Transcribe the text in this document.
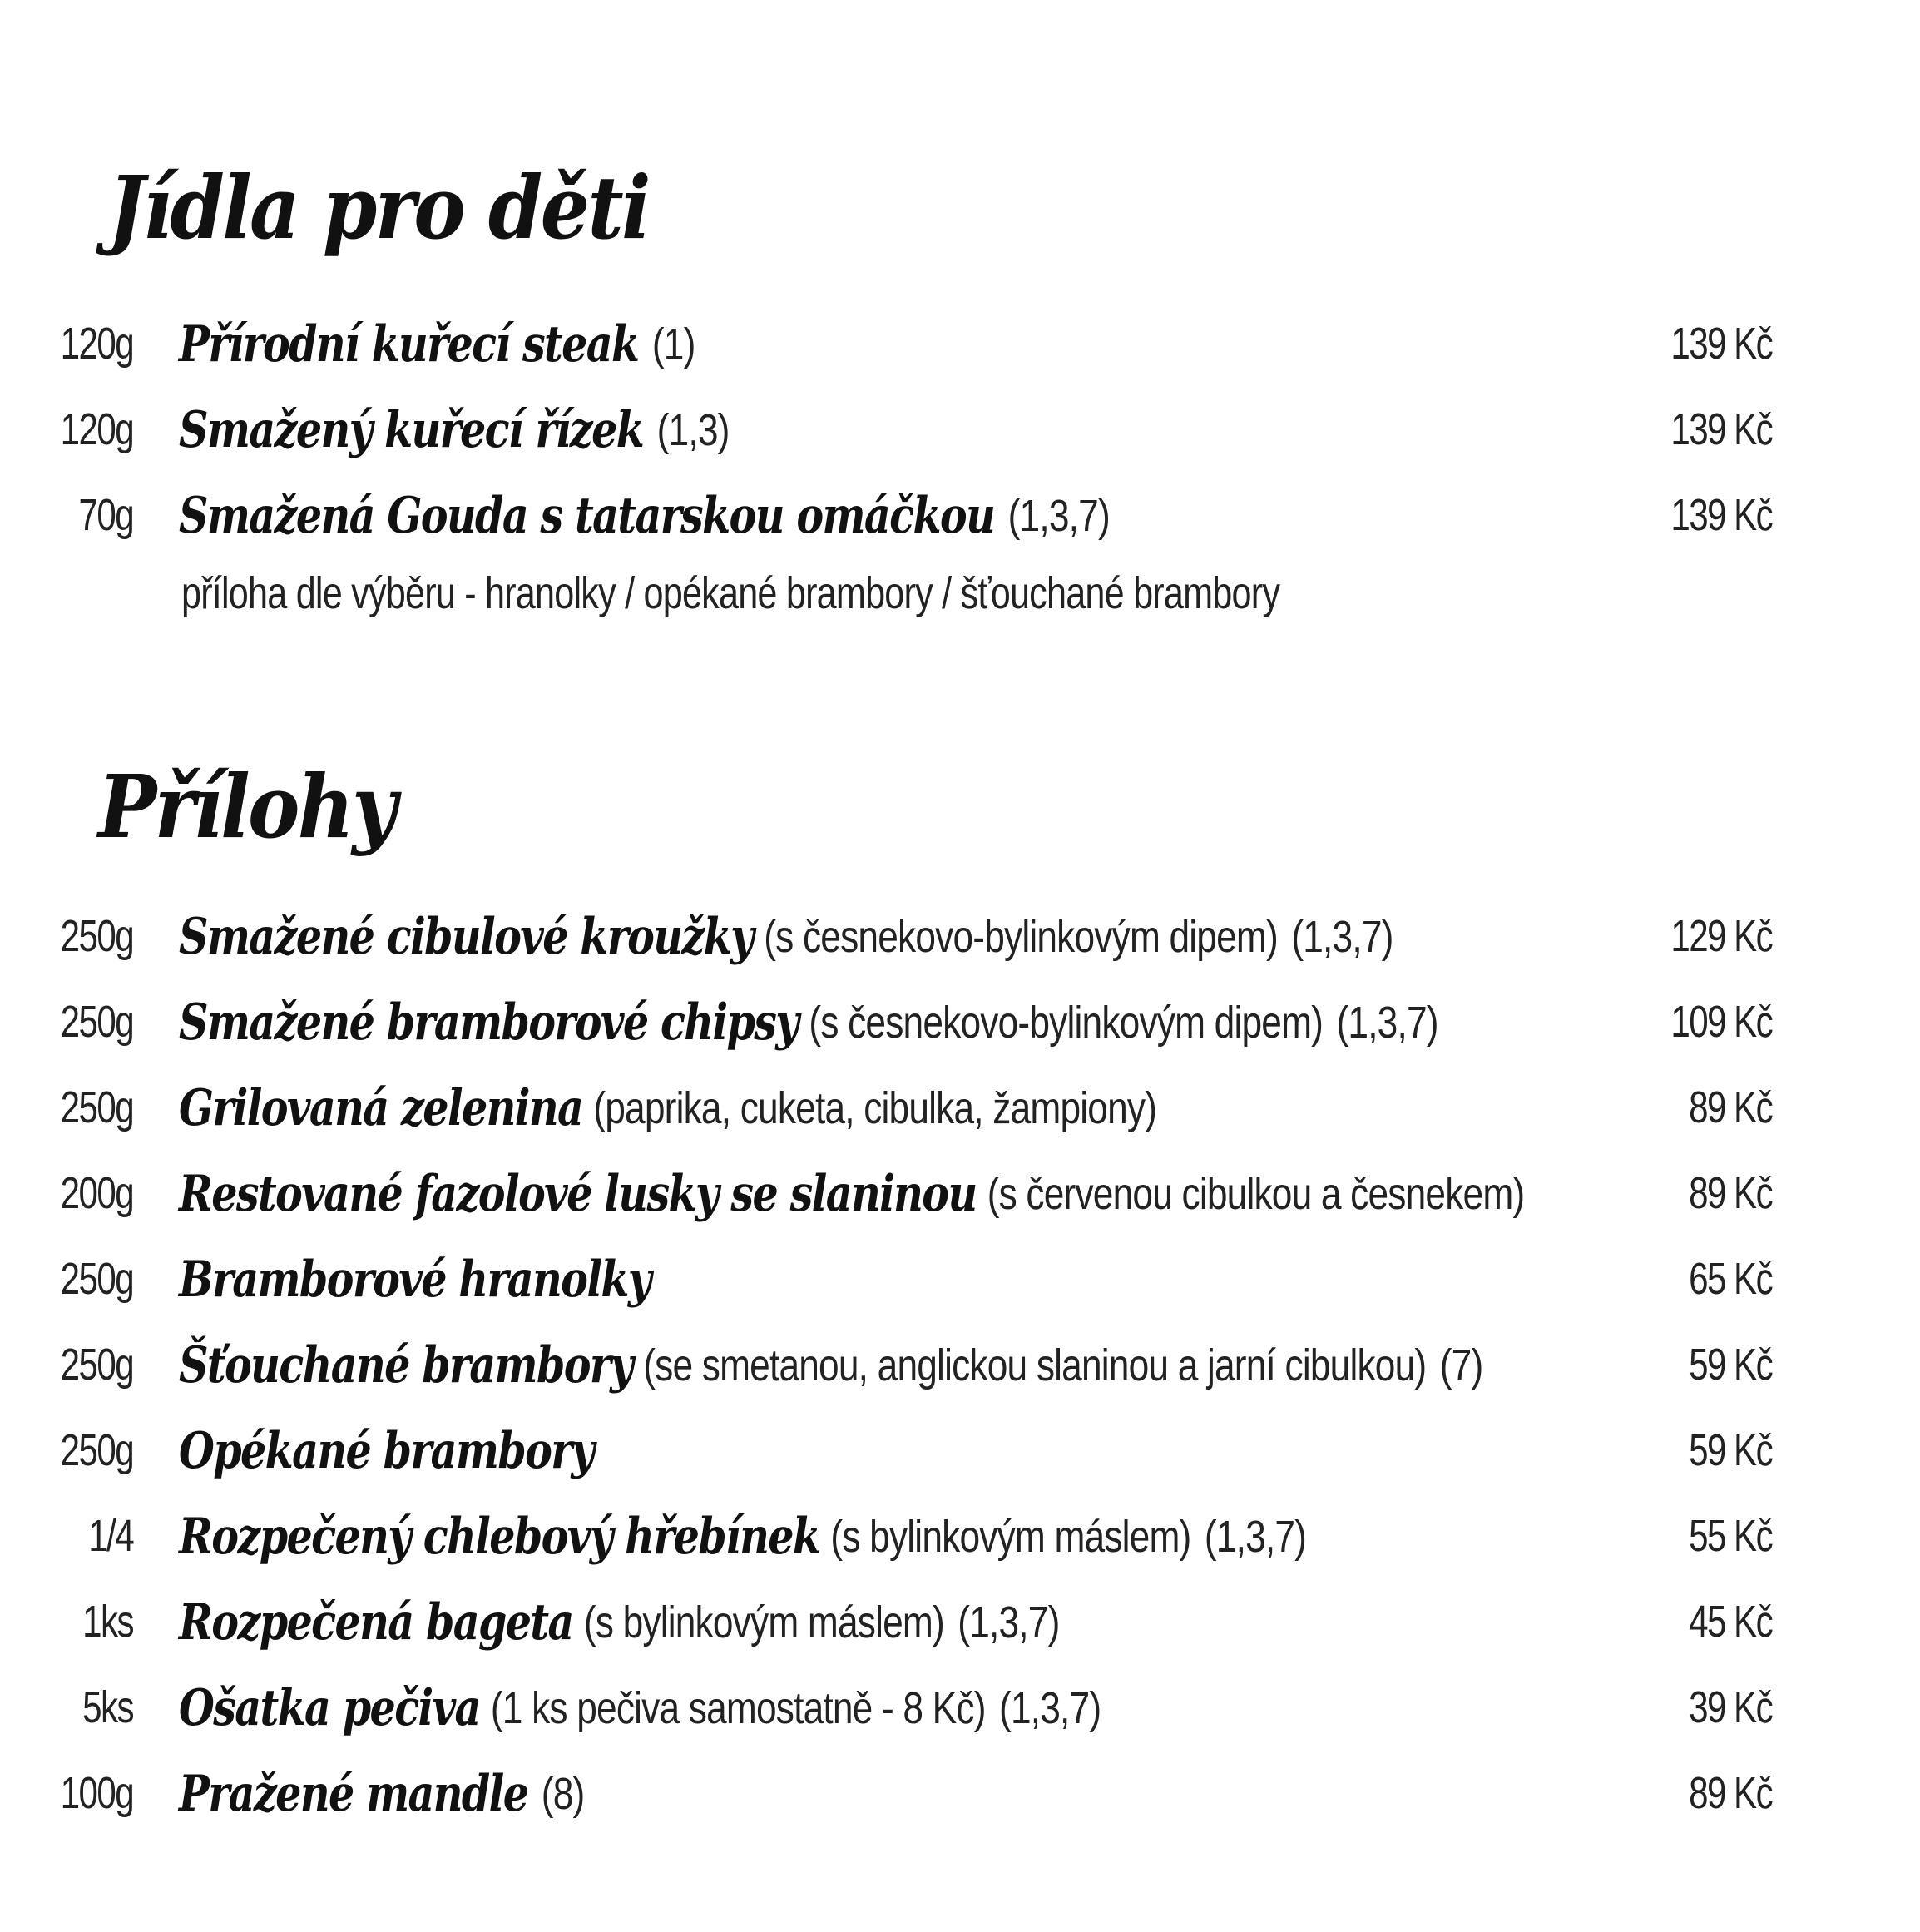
Jídla pro děti
120g Přírodní kuřecí steak (1)	139 Kč
120g Smažený kuřecí řízek (1,3)	139 Kč
70g Smažená Gouda s tatarskou omáčkou (1,3,7)	139 Kč
příloha dle výběru - hranolky / opékané brambory / šťouchané brambory
Přílohy
250g Smažené cibulové kroužky (s česnekovo-bylinkovým dipem) (1,3,7)	129 Kč
250g Smažené bramborové chipsy (s česnekovo-bylinkovým dipem) (1,3,7)	109 Kč
250g Grilovaná zelenina (paprika, cuketa, cibulka, žampiony)	89 Kč
200g Restované fazolové lusky se slaninou (s červenou cibulkou a česnekem)	89 Kč
250g Bramborové hranolky	65 Kč
250g Šťouchané brambory (se smetanou, anglickou slaninou a jarní cibulkou) (7)	59 Kč
250g Opékané brambory	59 Kč
1/4 Rozpečený chlebový hřebínek (s bylinkovým máslem) (1,3,7)	55 Kč
1ks Rozpečená bageta (s bylinkovým máslem) (1,3,7)	45 Kč
5ks Ošatka pečiva (1 ks pečiva samostatně - 8 Kč) (1,3,7)	39 Kč
100g Pražené mandle (8)	89 Kč
